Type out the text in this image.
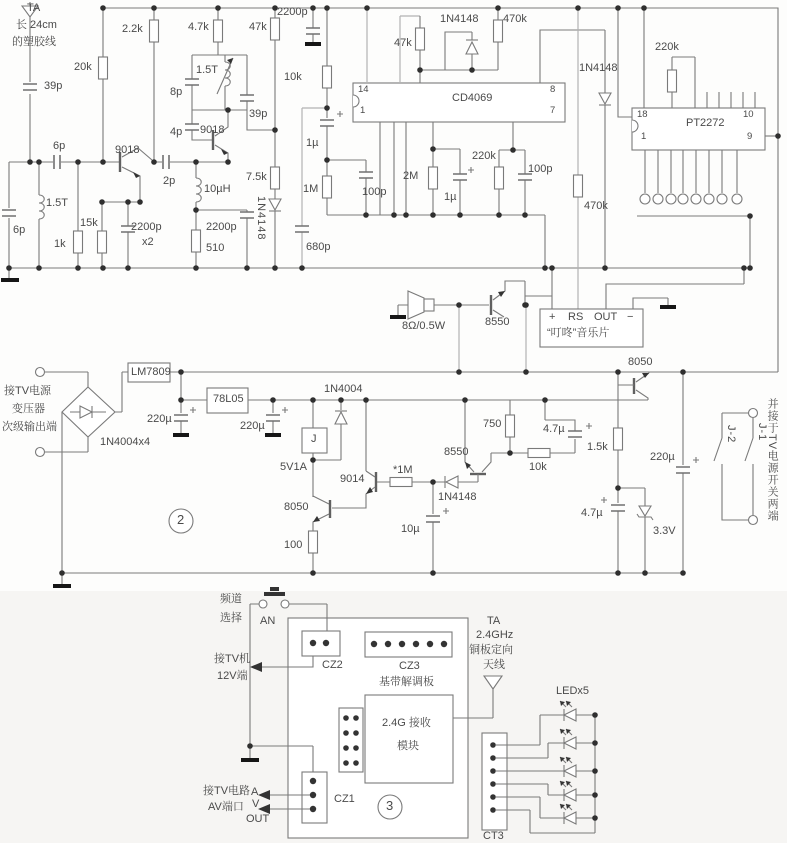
TA
长 24cm
的塑胶线
39p
6p
1.5T
6p
1k
15k
20k
2.2k
9018
2p
2200p
x2
4.7k
8p
1.5T
4p 9018
39p
10µH
2200p
510
7.5k
1N4148
47k
2200p
10k
1µ
1M
680p
100p
CD4069
14
1
8
7
2M
1µ
220k
100p
47k
1N4148 470k
1N4148
470k
220k
PT2272
18
1
10
9
8Ω/0.5W	8550	+ RS OUT −
“叮咚”音乐片
接TV电源
变压器
次级输出端
1N4004x4
LM7809
220µ
78L05
220µ
2
1N4004
J
5V1A
9014
*1M
8550
1N4148
750
10µ
8050
100
10k
4.7µ
1.5k
8050
220µ
4.7µ
3.3V
J-1
J-2	并接于TV电源开关两端
频道
选择 AN
CZ2	CZ3
基带解调板
接TV机
12V端
2.4G 接收
模块
CZ1
接TV电路
AV端口
A
V
OUT
3
TA
2.4GHz
铜板定向
天线
LEDx5
CT3
